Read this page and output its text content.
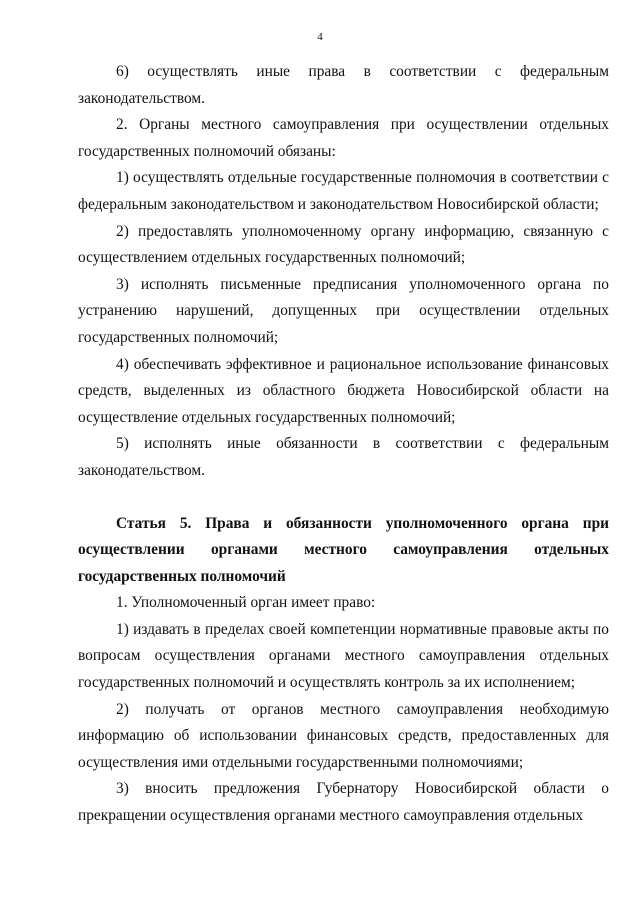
4

6) осуществлять иные права в соответствии с федеральным законодательством.

2. Органы местного самоуправления при осуществлении отдельных государственных полномочий обязаны:

1) осуществлять отдельные государственные полномочия в соответствии с федеральным законодательством и законодательством Новосибирской области;

2) предоставлять уполномоченному органу информацию, связанную с осуществлением отдельных государственных полномочий;

3) исполнять письменные предписания уполномоченного органа по устранению нарушений, допущенных при осуществлении отдельных государственных полномочий;

4) обеспечивать эффективное и рациональное использование финансовых средств, выделенных из областного бюджета Новосибирской области на осуществление отдельных государственных полномочий;

5) исполнять иные обязанности в соответствии с федеральным законодательством.

Статья 5. Права и обязанности уполномоченного органа при осуществлении органами местного самоуправления отдельных государственных полномочий

1. Уполномоченный орган имеет право:

1) издавать в пределах своей компетенции нормативные правовые акты по вопросам осуществления органами местного самоуправления отдельных государственных полномочий и осуществлять контроль за их исполнением;

2) получать от органов местного самоуправления необходимую информацию об использовании финансовых средств, предоставленных для осуществления ими отдельными государственными полномочиями;

3) вносить предложения Губернатору Новосибирской области о прекращении осуществления органами местного самоуправления отдельных
